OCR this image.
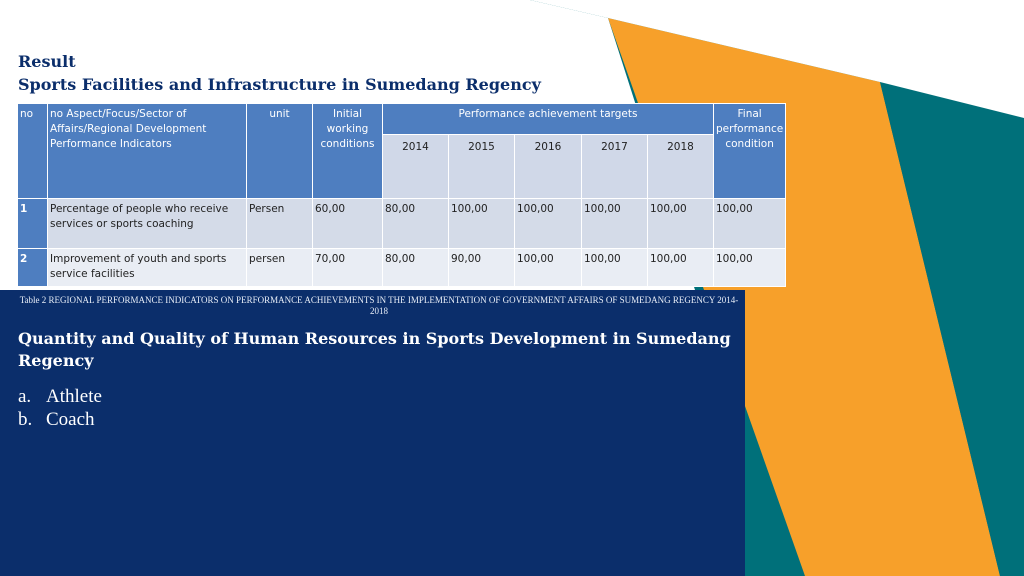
Result
Sports Facilities and Infrastructure in Sumedang Regency
no	no Aspect/Focus/Sector of Affairs/Regional Development Performance Indicators	unit	Initial working conditions	Performance achievement targets					Final performance condition
				2014	2015	2016	2017	2018	
1	Percentage of people who receive services or sports coaching	Persen	60,00	80,00	100,00	100,00	100,00	100,00	100,00
2	Improvement of youth and sports service facilities	persen	70,00	80,00	90,00	100,00	100,00	100,00	100,00
Table 2 REGIONAL PERFORMANCE INDICATORS ON PERFORMANCE ACHIEVEMENTS IN THE IMPLEMENTATION OF GOVERNMENT AFFAIRS OF SUMEDANG REGENCY 2014-2018
Quantity and Quality of Human Resources in Sports Development in Sumedang Regency
a. Athlete
b. Coach
